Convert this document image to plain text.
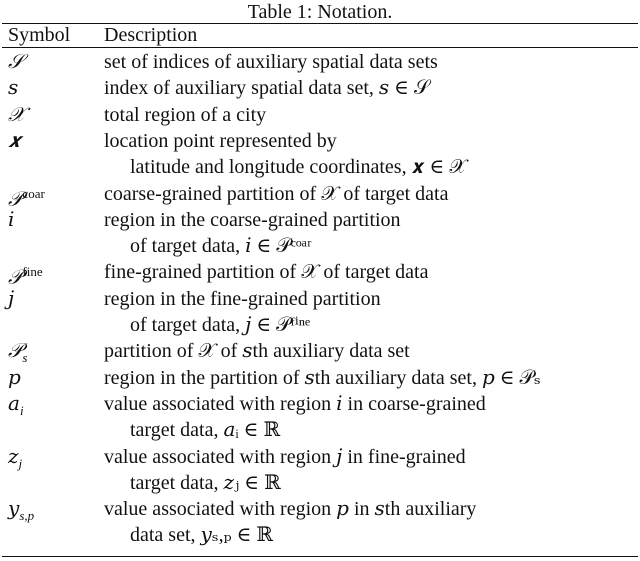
Table 1: Notation.
Symbol Description
𝒮	set of indices of auxiliary spatial data sets
𝑠	index of auxiliary spatial data set, 𝑠 ∈ 𝒮
𝒳	total region of a city
𝒙	location point represented by
latitude and longitude coordinates, 𝒙 ∈ 𝒳
𝒫$^{coar}$	coarse-grained partition of 𝒳 of target data
𝑖	region in the coarse-grained partition
of target data, 𝑖 ∈ 𝒫ᶜᵒᵃʳ
𝒫$^{fine}$	fine-grained partition of 𝒳 of target data
𝑗	region in the fine-grained partition
of target data, 𝑗 ∈ 𝒫ᶠⁱⁿᵉ
𝒫$_s$	partition of 𝒳 of 𝑠th auxiliary data set
𝑝	region in the partition of 𝑠th auxiliary data set, 𝑝 ∈ 𝒫ₛ
𝑎$_i$	value associated with region 𝑖 in coarse-grained
target data, 𝑎ᵢ ∈ ℝ
𝑧$_j$	value associated with region 𝑗 in fine-grained
target data, 𝑧ⱼ ∈ ℝ
𝑦$_{s,p}$	value associated with region 𝑝 in 𝑠th auxiliary
data set, 𝑦ₛ,ₚ ∈ ℝ
